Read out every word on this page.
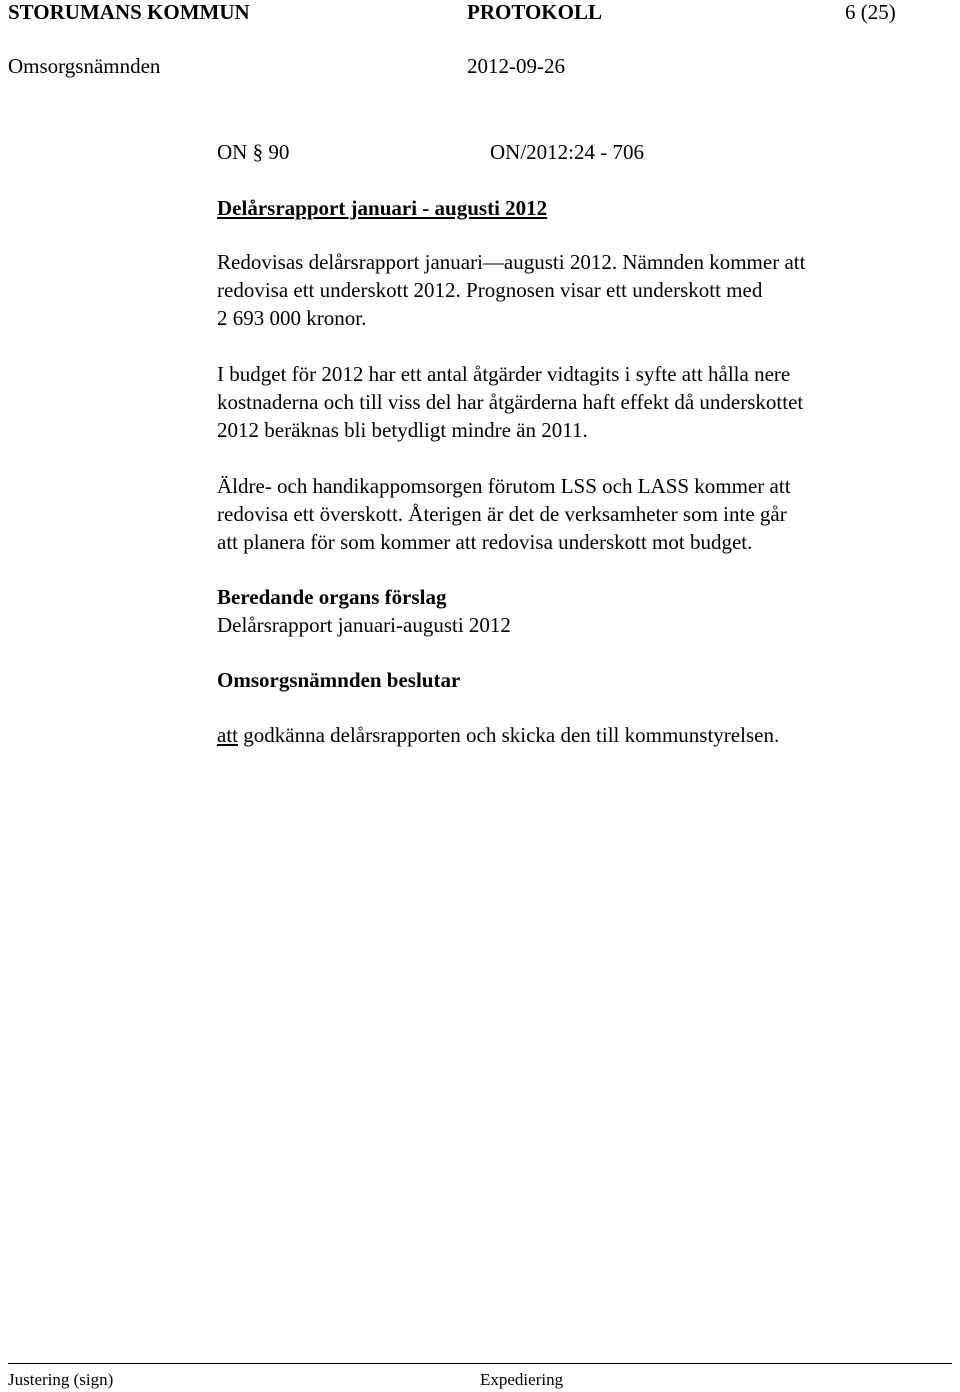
STORUMANS KOMMUN	PROTOKOLL	6 (25)
Omsorgsnämnden	2012-09-26
ON § 90	ON/2012:24 - 706
Delårsrapport januari - augusti 2012

Redovisas delårsrapport januari—augusti 2012. Nämnden kommer att

redovisa ett underskott 2012. Prognosen visar ett underskott med

2 693 000 kronor.

I budget för 2012 har ett antal åtgärder vidtagits i syfte att hålla nere

kostnaderna och till viss del har åtgärderna haft effekt då underskottet

2012 beräknas bli betydligt mindre än 2011.

Äldre- och handikappomsorgen förutom LSS och LASS kommer att

redovisa ett överskott. Återigen är det de verksamheter som inte går

att planera för som kommer att redovisa underskott mot budget.

Beredande organs förslag
Delårsrapport januari-augusti 2012
Omsorgsnämnden beslutar
att godkänna delårsrapporten och skicka den till kommunstyrelsen.
Justering (sign)	Expediering
